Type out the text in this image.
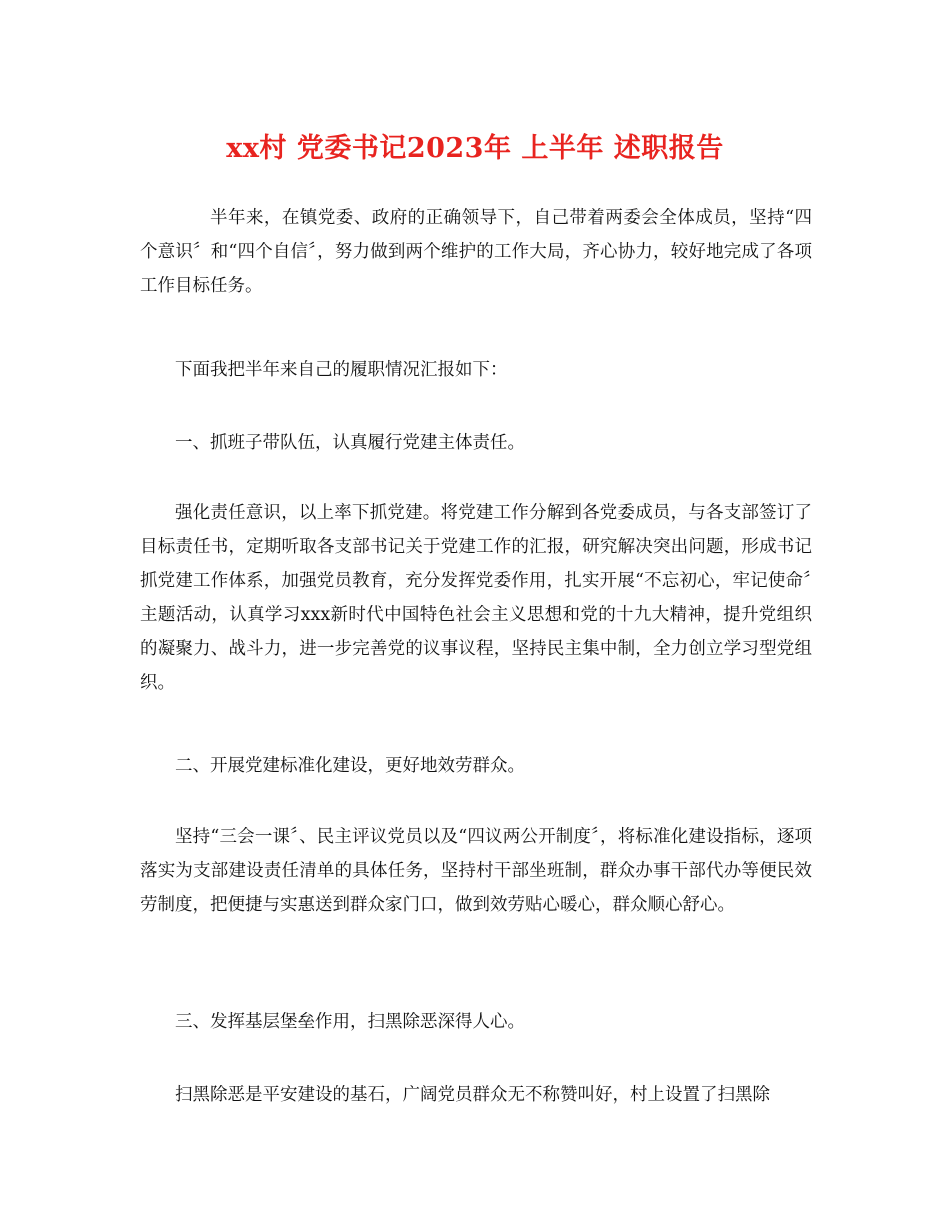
xx村 党委书记2023年 上半年 述职报告

半年来，在镇党委、政府的正确领导下，自己带着两委会全体成员，坚持“四个意识〞和“四个自信〞，努力做到两个维护的工作大局，齐心协力，较好地完成了各项工作目标任务。

下面我把半年来自己的履职情况汇报如下：

一、抓班子带队伍，认真履行党建主体责任。

强化责任意识，以上率下抓党建。将党建工作分解到各党委成员，与各支部签订了目标责任书，定期听取各支部书记关于党建工作的汇报，研究解决突出问题，形成书记抓党建工作体系，加强党员教育，充分发挥党委作用，扎实开展“不忘初心，牢记使命〞主题活动，认真学习xxx新时代中国特色社会主义思想和党的十九大精神，提升党组织的凝聚力、战斗力，进一步完善党的议事议程，坚持民主集中制，全力创立学习型党组织。

二、开展党建标准化建设，更好地效劳群众。

坚持“三会一课〞、民主评议党员以及“四议两公开制度〞，将标准化建设指标，逐项落实为支部建设责任清单的具体任务，坚持村干部坐班制，群众办事干部代办等便民效劳制度，把便捷与实惠送到群众家门口，做到效劳贴心暖心，群众顺心舒心。

三、发挥基层堡垒作用，扫黑除恶深得人心。

扫黑除恶是平安建设的基石，广阔党员群众无不称赞叫好，村上设置了扫黑除
